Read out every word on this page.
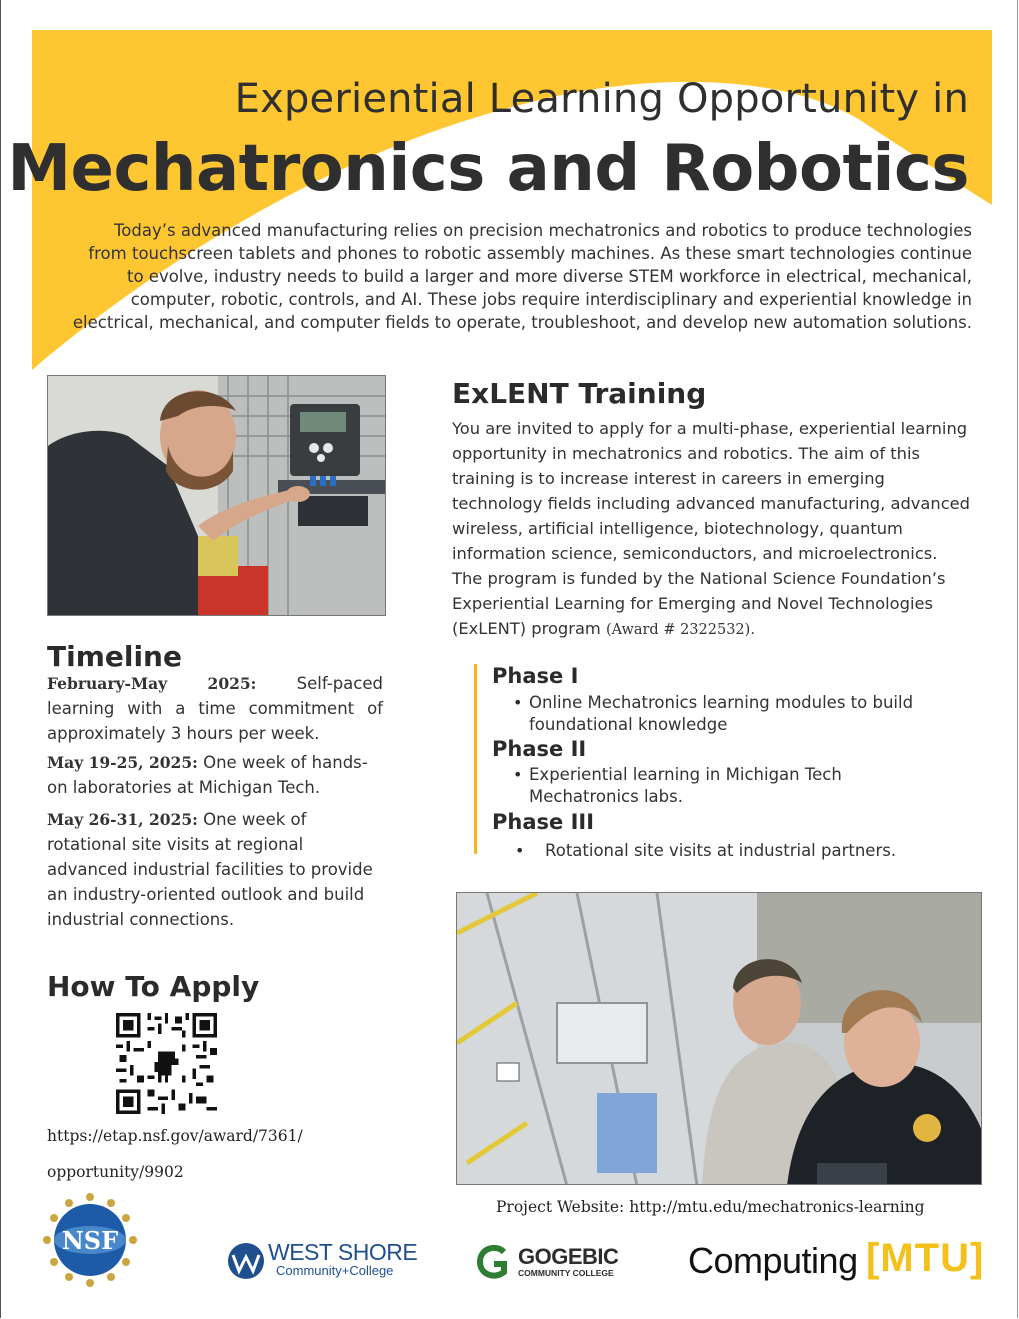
Experiential Learning Opportunity in
Mechatronics and Robotics
Today’s advanced manufacturing relies on precision mechatronics and robotics to produce technologies
from touchscreen tablets and phones to robotic assembly machines. As these smart technologies continue
to evolve, industry needs to build a larger and more diverse STEM workforce in electrical, mechanical,
computer, robotic, controls, and AI. These jobs require interdisciplinary and experiential knowledge in
electrical, mechanical, and computer fields to operate, troubleshoot, and develop new automation solutions.
ExLENT Training
You are invited to apply for a multi-phase, experiential learning opportunity in mechatronics and robotics. The aim of this training is to increase interest in careers in emerging technology fields including advanced manufacturing, advanced wireless, artificial intelligence, biotechnology, quantum information science, semiconductors, and microelectronics. The program is funded by the National Science Foundation’s Experiential Learning for Emerging and Novel Technologies (ExLENT) program (Award # 2322532).
Phase I
• Online Mechatronics learning modules to build
foundational knowledge
Phase II
• Experiential learning in Michigan Tech
Mechatronics labs.
Phase III
• Rotational site visits at industrial partners.
Timeline
February-May 2025: Self-paced learning with a time commitment of approximately 3 hours per week.
May 19-25, 2025: One week of hands-on laboratories at Michigan Tech.
May 26-31, 2025: One week of rotational site visits at regional advanced industrial facilities to provide an industry-oriented outlook and build industrial connections.
How To Apply
https://etap.nsf.gov/award/7361/
opportunity/9902
Project Website: http://mtu.edu/mechatronics-learning
NSF	WEST SHORE
Community+College
GOGEBIC
COMMUNITY COLLEGE Computing [MTU]
